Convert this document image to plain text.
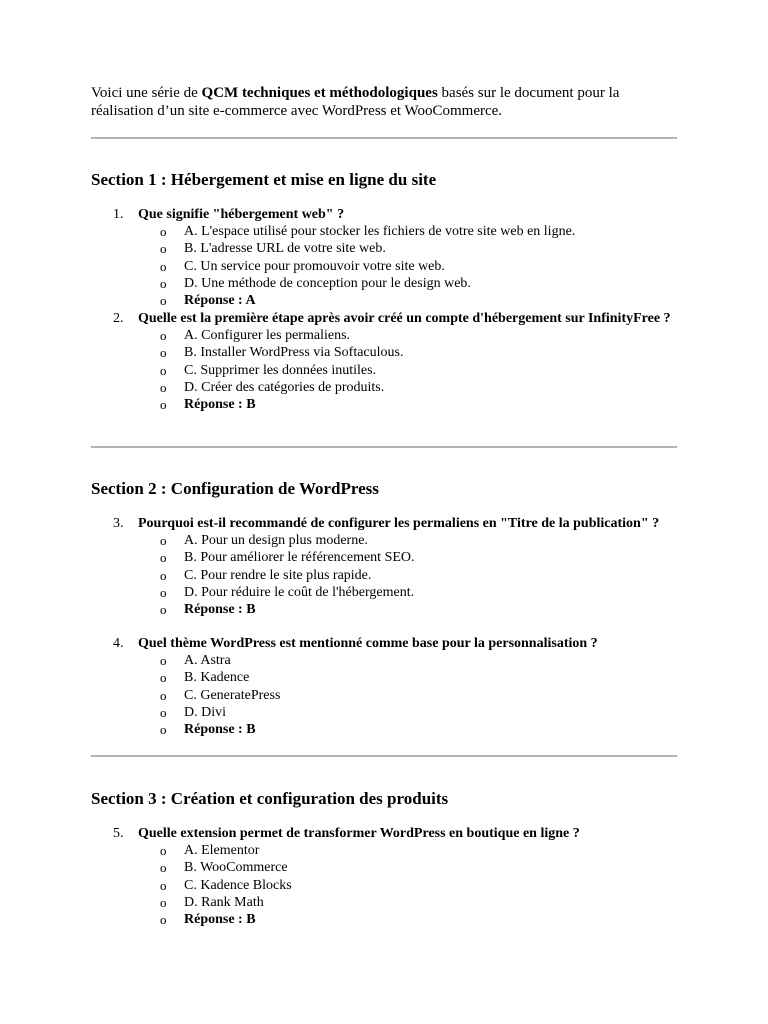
Voici une série de QCM techniques et méthodologiques basés sur le document pour la réalisation d’un site e-commerce avec WordPress et WooCommerce.

Section 1 : Hébergement et mise en ligne du site
1. Que signifie "hébergement web" ?
o A. L'espace utilisé pour stocker les fichiers de votre site web en ligne.
o B. L'adresse URL de votre site web.
o C. Un service pour promouvoir votre site web.
o D. Une méthode de conception pour le design web.
o Réponse : A
2. Quelle est la première étape après avoir créé un compte d'hébergement sur InfinityFree ?
o A. Configurer les permaliens.
o B. Installer WordPress via Softaculous.
o C. Supprimer les données inutiles.
o D. Créer des catégories de produits.
o Réponse : B
Section 2 : Configuration de WordPress
3. Pourquoi est-il recommandé de configurer les permaliens en "Titre de la publication" ?
o A. Pour un design plus moderne.
o B. Pour améliorer le référencement SEO.
o C. Pour rendre le site plus rapide.
o D. Pour réduire le coût de l'hébergement.
o Réponse : B
4. Quel thème WordPress est mentionné comme base pour la personnalisation ?
o A. Astra
o B. Kadence
o C. GeneratePress
o D. Divi
o Réponse : B
Section 3 : Création et configuration des produits
5. Quelle extension permet de transformer WordPress en boutique en ligne ?
o A. Elementor
o B. WooCommerce
o C. Kadence Blocks
o D. Rank Math
o Réponse : B
